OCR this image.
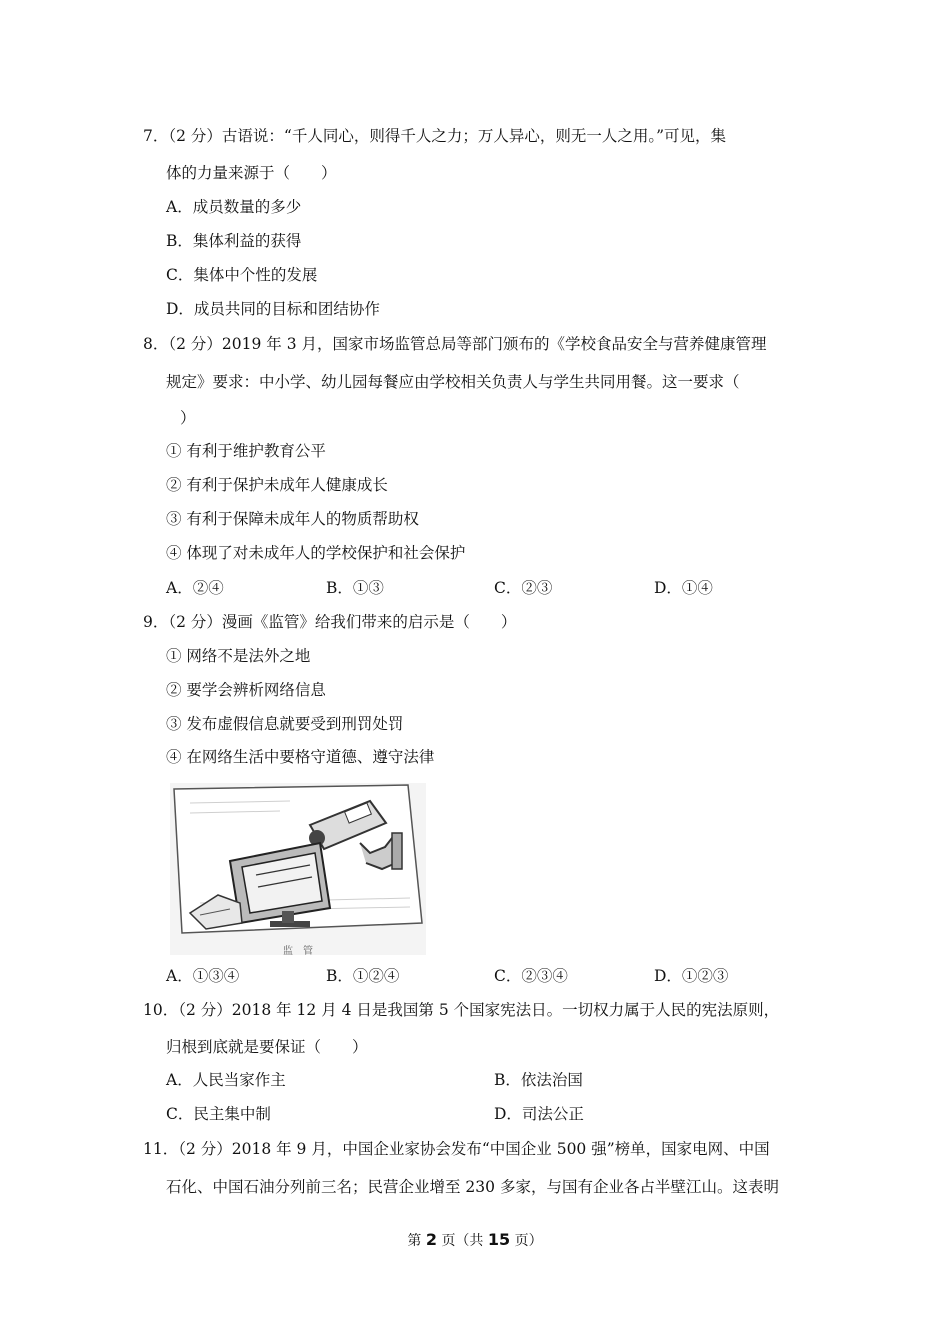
7．（2 分）古语说：“千人同心，则得千人之力；万人异心，则无一人之用。”可见，集
体的力量来源于（　　）
A．成员数量的多少
B．集体利益的获得
C．集体中个性的发展
D．成员共同的目标和团结协作
8．（2 分）2019 年 3 月，国家市场监管总局等部门颁布的《学校食品安全与营养健康管理
规定》要求：中小学、幼儿园每餐应由学校相关负责人与学生共同用餐。这一要求（
）
① 有利于维护教育公平
② 有利于保护未成年人健康成长
③ 有利于保障未成年人的物质帮助权
④ 体现了对未成年人的学校保护和社会保护
A．②④	B．①③	C．②③	D．①④
9．（2 分）漫画《监管》给我们带来的启示是（　　）
① 网络不是法外之地
② 要学会辨析网络信息
③ 发布虚假信息就要受到刑罚处罚
④ 在网络生活中要格守道德、遵守法律
监　管
A．①③④	B．①②④	C．②③④	D．①②③
10．（2 分）2018 年 12 月 4 日是我国第 5 个国家宪法日。一切权力属于人民的宪法原则，
归根到底就是要保证（　　）
A．人民当家作主	B．依法治国
C．民主集中制	D．司法公正
11．（2 分）2018 年 9 月，中国企业家协会发布“中国企业 500 强”榜单，国家电网、中国
石化、中国石油分列前三名；民营企业增至 230 多家，与国有企业各占半壁江山。这表明
第 2 页（共 15 页）
